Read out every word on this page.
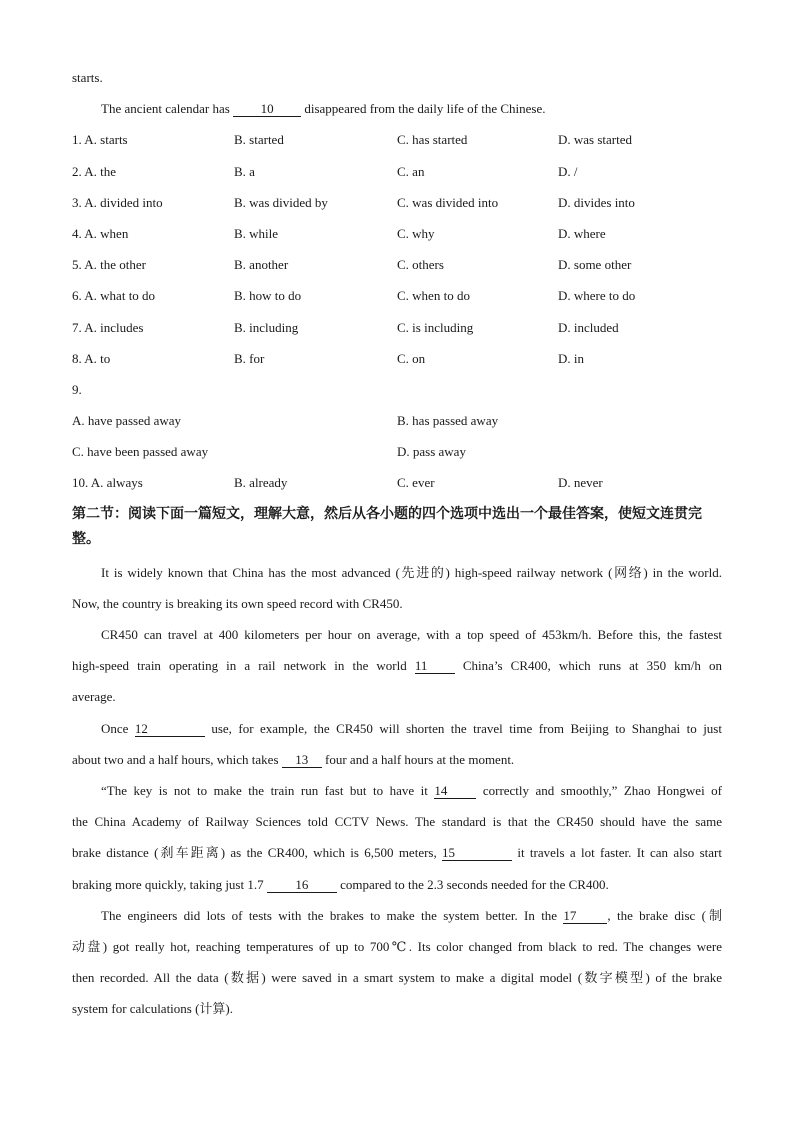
starts.
The ancient calendar has 10 disappeared from the daily life of the Chinese.
1. A. starts	B. started	C. has started	D. was started
2. A. the	B. a	C. an	D. /
3. A. divided into	B. was divided by	C. was divided into	D. divides into
4. A. when	B. while	C. why	D. where
5. A. the other	B. another	C. others	D. some other
6. A. what to do	B. how to do	C. when to do	D. where to do
7. A. includes	B. including	C. is including	D. included
8. A. to	B. for	C. on	D. in
9.
A. have passed away	B. has passed away
C. have been passed away	D. pass away
10. A. always	B. already	C. ever	D. never
第二节：阅读下面一篇短文，理解大意，然后从各小题的四个选项中选出一个最佳答案，使短文连贯完整。
It is widely known that China has the most advanced (先进的) high-speed railway network (网络) in the world.
Now, the country is breaking its own speed record with CR450.
CR450 can travel at 400 kilometers per hour on average, with a top speed of 453km/h. Before this, the fastest
high-speed train operating in a rail network in the world 11 China’s CR400, which runs at 350 km/h on
average.
Once 12	use, for example, the CR450 will shorten the travel time from Beijing to Shanghai to just
about two and a half hours, which takes 13 four and a half hours at the moment.
“The key is not to make the train run fast but to have it 14 correctly and smoothly,” Zhao Hongwei of
the China Academy of Railway Sciences told CCTV News. The standard is that the CR450 should have the same
brake distance (刹车距离) as the CR400, which is 6,500 meters, 15	it travels a lot faster. It can also start
braking more quickly, taking just 1.7 16 compared to the 2.3 seconds needed for the CR400.
The engineers did lots of tests with the brakes to make the system better. In the 17 , the brake disc (制
动盘) got really hot, reaching temperatures of up to 700℃. Its color changed from black to red. The changes were
then recorded. All the data (数据) were saved in a smart system to make a digital model (数字模型) of the brake
system for calculations (计算).
